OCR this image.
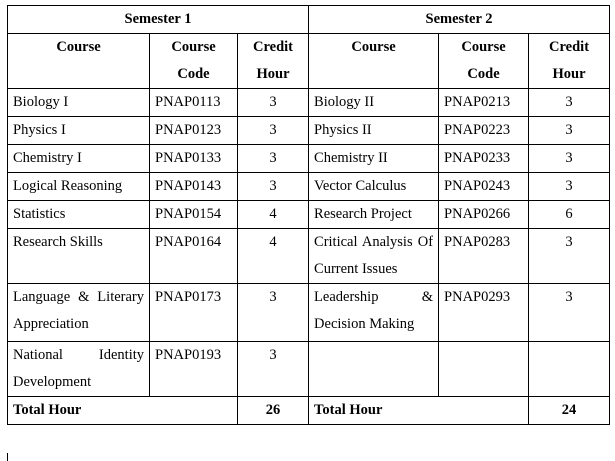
Semester 1			Semester 2		
Course	Course Code	Credit Hour	Course	Course Code	Credit Hour
Biology I	PNAP0113	3	Biology II	PNAP0213	3
Physics I	PNAP0123	3	Physics II	PNAP0223	3
Chemistry I	PNAP0133	3	Chemistry II	PNAP0233	3
Logical Reasoning	PNAP0143	3	Vector Calculus	PNAP0243	3
Statistics	PNAP0154	4	Research Project	PNAP0266	6
Research Skills	PNAP0164	4	Critical Analysis Of Current Issues	PNAP0283	3
Language & Literary Appreciation	PNAP0173	3	Leadership & Decision Making	PNAP0293	3
National Identity Development	PNAP0193	3			
Total Hour		26	Total Hour		24
